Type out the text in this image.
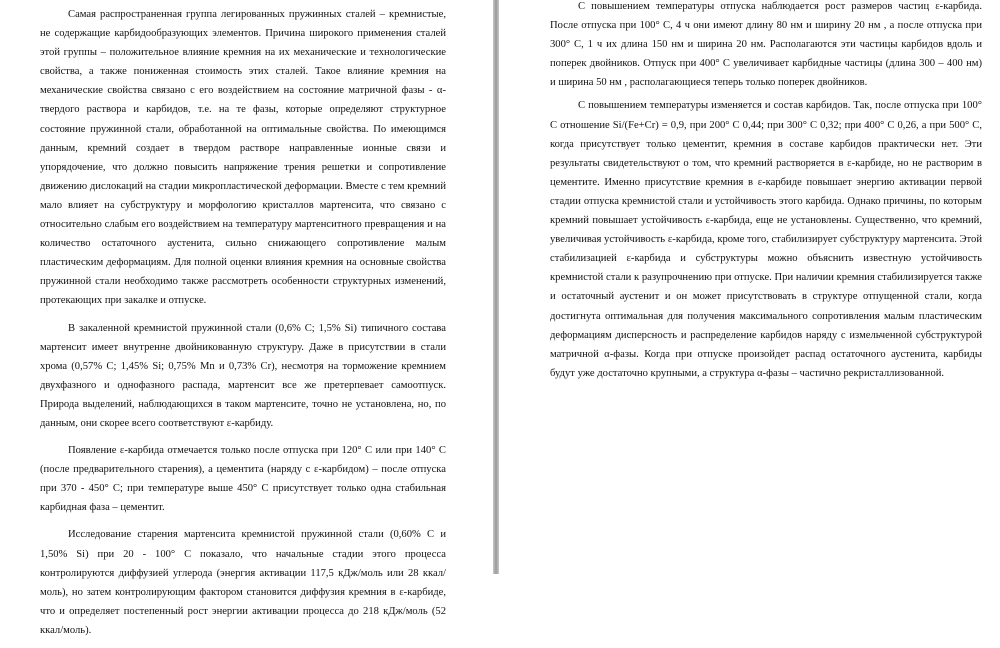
Самая распространенная группа легированных пружинных сталей – кремнистые, не содержащие карбидообразующих элементов. Причина широкого применения сталей этой группы – положительное влияние кремния на их механические и технологические свойства, а также пониженная стоимость этих сталей. Такое влияние кремния на механические свойства связано с его воздействием на состояние матричной фазы - α-твердого раствора и карбидов, т.е. на те фазы, которые определяют структурное состояние пружинной стали, обработанной на оптимальные свойства. По имеющимся данным, кремний создает в твердом растворе направленные ионные связи и упорядочение, что должно повысить напряжение трения решетки и сопротивление движению дислокаций на стадии микропластической деформации. Вместе с тем кремний мало влияет на субструктуру и морфологию кристаллов мартенсита, что связано с относительно слабым его воздействием на температуру мартенситного превращения и на количество остаточного аустенита, сильно снижающего сопротивление малым пластическим деформациям. Для полной оценки влияния кремния на основные свойства пружинной стали необходимо также рассмотреть особенности структурных изменений, протекающих при закалке и отпуске.

В закаленной кремнистой пружинной стали (0,6% С; 1,5% Si) типичного состава мартенсит имеет внутренне двойникованную структуру. Даже в присутствии в стали хрома (0,57% С; 1,45% Si; 0,75% Mn и 0,73% Cr), несмотря на торможение кремнием двухфазного и однофазного распада, мартенсит все же претерпевает самоотпуск. Природа выделений, наблюдающихся в таком мартенсите, точно не установлена, но, по данным, они скорее всего соответствуют ε-карбиду.

Появление ε-карбида отмечается только после отпуска при 120° С или при 140° С (после предварительного старения), а цементита (наряду с ε-карбидом) – после отпуска при 370 - 450° С; при температуре выше 450° С присутствует только одна стабильная карбидная фаза – цементит.

Исследование старения мартенсита кремнистой пружинной стали (0,60% С и 1,50% Si) при 20 - 100° С показало, что начальные стадии этого процесса контролируются диффузией углерода (энергия активации 117,5 кДж/моль или 28 ккал/моль), но затем контролирующим фактором становится диффузия кремния в ε-карбиде, что и определяет постепенный рост энергии активации процесса до 218 кДж/моль (52 ккал/моль).

С повышением температуры отпуска наблюдается рост размеров частиц ε-карбида. После отпуска при 100° С, 4 ч они имеют длину 80 нм и ширину 20 нм , а после отпуска при 300° С, 1 ч их длина 150 нм и ширина 20 нм. Располагаются эти частицы карбидов вдоль и поперек двойников. Отпуск при 400° С увеличивает карбидные частицы (длина 300 – 400 нм) и ширина 50 нм , располагающиеся теперь только поперек двойников.

С повышением температуры изменяется и состав карбидов. Так, после отпуска при 100° С отношение Si/(Fe+Cr) = 0,9, при 200° С 0,44; при 300° С 0,32; при 400° С 0,26, а при 500° С, когда присутствует только цементит, кремния в составе карбидов практически нет. Эти результаты свидетельствуют о том, что кремний растворяется в ε-карбиде, но не растворим в цементите. Именно присутствие кремния в ε-карбиде повышает энергию активации первой стадии отпуска кремнистой стали и устойчивость этого карбида. Однако причины, по которым кремний повышает устойчивость ε-карбида, еще не установлены. Существенно, что кремний, увеличивая устойчивость ε-карбида, кроме того, стабилизирует субструктуру мартенсита. Этой стабилизацией ε-карбида и субструктуры можно объяснить известную устойчивость кремнистой стали к разупрочнению при отпуске. При наличии кремния стабилизируется также и остаточный аустенит и он может присутствовать в структуре отпущенной стали, когда достигнута оптимальная для получения максимального сопротивления малым пластическим деформациям дисперсность и распределение карбидов наряду с измельченной субструктурой матричной α-фазы. Когда при отпуске произойдет распад остаточного аустенита, карбиды будут уже достаточно крупными, а структура α-фазы – частично рекристаллизованной.
